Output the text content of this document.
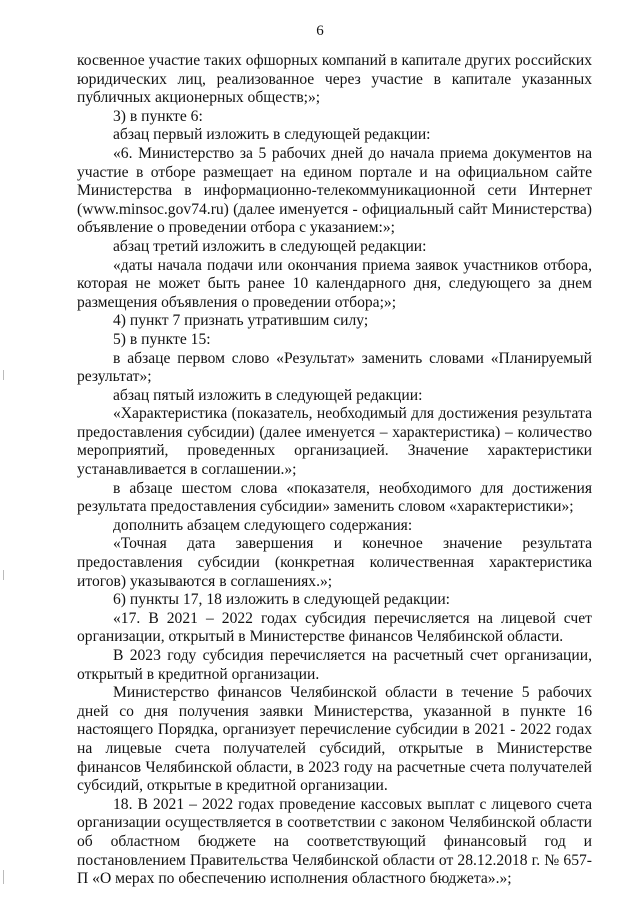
6

косвенное участие таких офшорных компаний в капитале других российских юридических лиц, реализованное через участие в капитале указанных публичных акционерных обществ;»;

3) в пункте 6:

абзац первый изложить в следующей редакции:

«6. Министерство за 5 рабочих дней до начала приема документов на участие в отборе размещает на едином портале и на официальном сайте Министерства в информационно-телекоммуникационной сети Интернет (www.minsoc.gov74.ru) (далее именуется - официальный сайт Министерства) объявление о проведении отбора с указанием:»;

абзац третий изложить в следующей редакции:

«даты начала подачи или окончания приема заявок участников отбора, которая не может быть ранее 10 календарного дня, следующего за днем размещения объявления о проведении отбора;»;

4) пункт 7 признать утратившим силу;

5) в пункте 15:

в абзаце первом слово «Результат» заменить словами «Планируемый результат»;

абзац пятый изложить в следующей редакции:

«Характеристика (показатель, необходимый для достижения результата предоставления субсидии) (далее именуется – характеристика) – количество мероприятий, проведенных организацией. Значение характеристики устанавливается в соглашении.»;

в абзаце шестом слова «показателя, необходимого для достижения результата предоставления субсидии» заменить словом «характеристики»;

дополнить абзацем следующего содержания:

«Точная дата завершения и конечное значение результата предоставления субсидии (конкретная количественная характеристика итогов) указываются в соглашениях.»;

6) пункты 17, 18 изложить в следующей редакции:

«17. В 2021 – 2022 годах субсидия перечисляется на лицевой счет организации, открытый в Министерстве финансов Челябинской области.

В 2023 году субсидия перечисляется на расчетный счет организации, открытый в кредитной организации.

Министерство финансов Челябинской области в течение 5 рабочих дней со дня получения заявки Министерства, указанной в пункте 16 настоящего Порядка, организует перечисление субсидии в 2021 - 2022 годах на лицевые счета получателей субсидий, открытые в Министерстве финансов Челябинской области, в 2023 году на расчетные счета получателей субсидий, открытые в кредитной организации.

18. В 2021 – 2022 годах проведение кассовых выплат с лицевого счета организации осуществляется в соответствии с законом Челябинской области об областном бюджете на соответствующий финансовый год и постановлением Правительства Челябинской области от 28.12.2018 г. № 657-П «О мерах по обеспечению исполнения областного бюджета».»;
